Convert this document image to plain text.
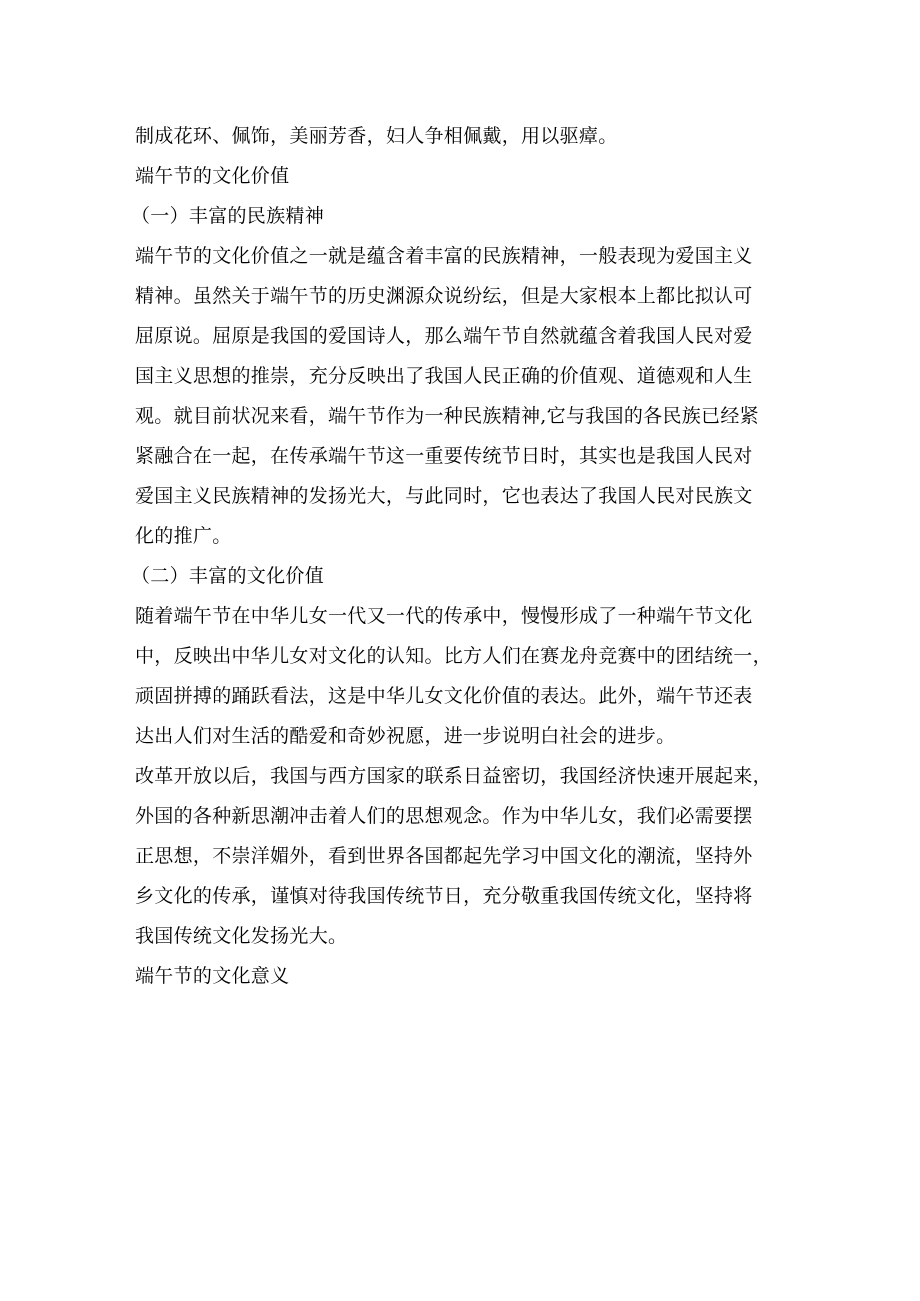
制成花环、佩饰，美丽芳香，妇人争相佩戴，用以驱瘴。
端午节的文化价值
（一）丰富的民族精神
端午节的文化价值之一就是蕴含着丰富的民族精神，一般表现为爱国主义
精神。虽然关于端午节的历史渊源众说纷纭，但是大家根本上都比拟认可
屈原说。屈原是我国的爱国诗人，那么端午节自然就蕴含着我国人民对爱
国主义思想的推崇，充分反映出了我国人民正确的价值观、道德观和人生
观。就目前状况来看，端午节作为一种民族精神,它与我国的各民族已经紧
紧融合在一起，在传承端午节这一重要传统节日时，其实也是我国人民对
爱国主义民族精神的发扬光大，与此同时，它也表达了我国人民对民族文
化的推广。
（二）丰富的文化价值
随着端午节在中华儿女一代又一代的传承中，慢慢形成了一种端午节文化
中，反映出中华儿女对文化的认知。比方人们在赛龙舟竞赛中的团结统一，
顽固拼搏的踊跃看法，这是中华儿女文化价值的表达。此外，端午节还表
达出人们对生活的酷爱和奇妙祝愿，进一步说明白社会的进步。
改革开放以后，我国与西方国家的联系日益密切，我国经济快速开展起来，
外国的各种新思潮冲击着人们的思想观念。作为中华儿女，我们必需要摆
正思想，不崇洋媚外，看到世界各国都起先学习中国文化的潮流，坚持外
乡文化的传承，谨慎对待我国传统节日，充分敬重我国传统文化，坚持将
我国传统文化发扬光大。
端午节的文化意义
